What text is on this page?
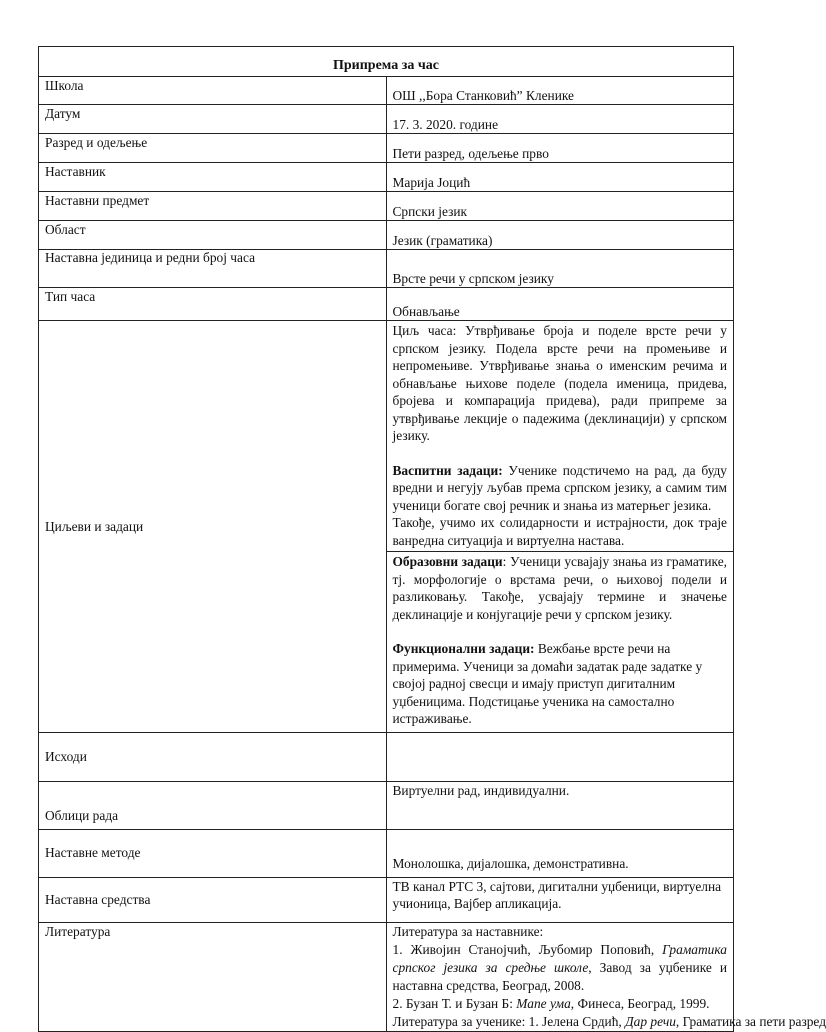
Припрема за час	
Школа	ОШ ,,Бора Станковић” Кленике
Датум	17. 3. 2020. године
Разред и одељење	Пети разред, одељење прво
Наставник	Марија Јоцић
Наставни предмет	Српски језик
Област	Језик (граматика)
Наставна јединица и редни број часа	Врсте речи у српском језику
Тип часа	Обнављање
Циљеви и задаци	Циљ часа: Утврђивање броја и поделе врсте речи у српском језику. Подела врсте речи на промењиве и непромењиве. Утврђивање знања о именским речима и обнављање њихове поделе (подела именица, придева, бројева и компарација придева), ради припреме за утврђивање лекције о падежима (деклинацији) у српском језику.
Васпитни задаци: Ученике подстичемо на рад, да буду вредни и негују љубав према српском језику, а самим тим ученици богате свој речник и знања из матерњег језика.
Такође, учимо их солидарности и истрајности, док траје ванредна ситуација и виртуелна настава.
Образовни задаци: Ученици усвајају знања из граматике, тј. морфологије о врстама речи, о њиховој подели и разликовању. Такође, усвајају термине и значење деклинације и конјугације речи у српском језику.
Функционални задаци: Вежбање врсте речи на примерима. Ученици за домаћи задатак раде задатке у својој радној свесци и имају приступ дигиталним уџбеницима. Подстицање ученика на самостално истраживање.

Исходи	
Облици рада	Виртуелни рад, индивидуални.
Наставне методе	Монолошка, дијалошка, демонстративна.
Наставна средства	ТВ канал РТС 3, сајтови, дигитални уџбеници, виртуелна учионица, Вајбер апликација.
Литература	Литература за наставнике:
1. Живојин Станојчић, Љубомир Поповић, Граматика српског језика за средње школе, Завод за уџбенике и наставна средства, Београд, 2008.
2. Бузан Т. и Бузан Б: Мапе ума, Финеса, Београд, 1999.
Литература за ученике: 1. Јелена Срдић, Дар речи, Граматика за пети разред
